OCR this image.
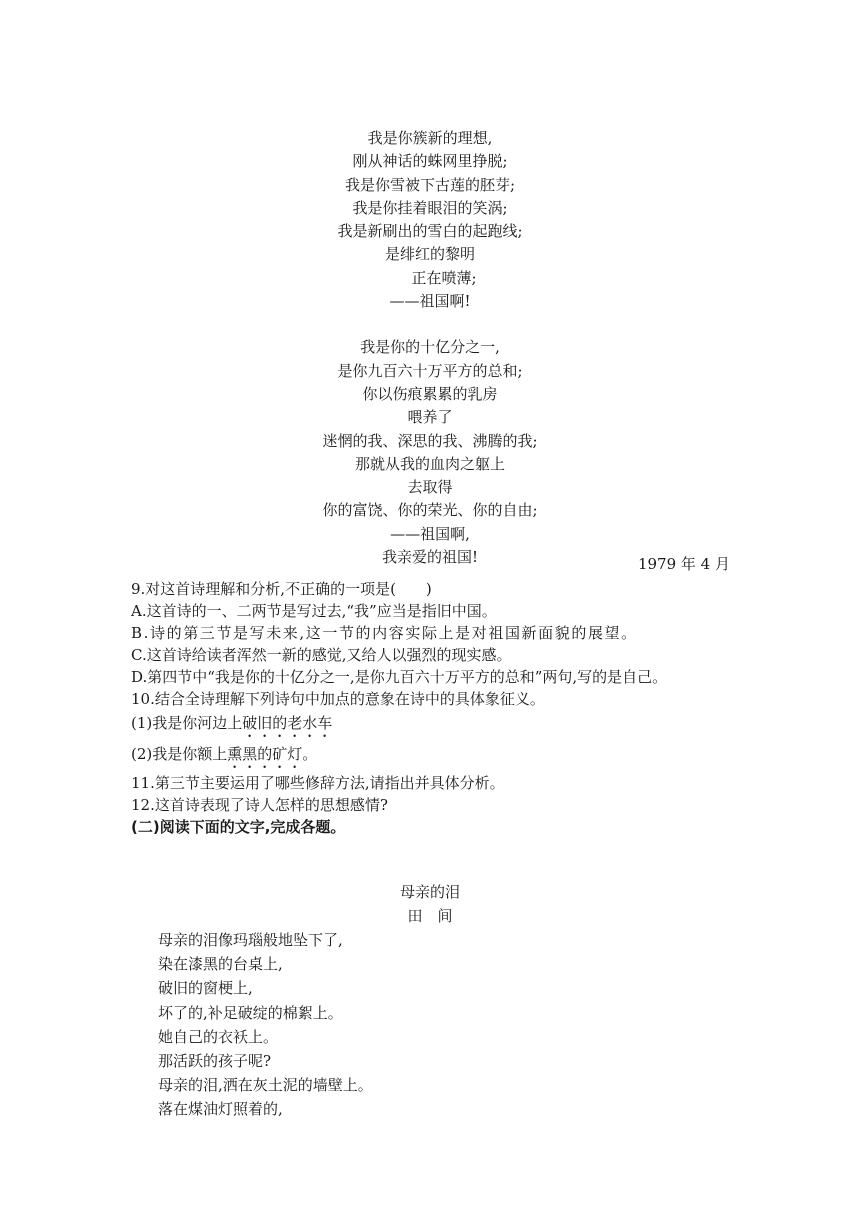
我是你簇新的理想,
刚从神话的蛛网里挣脱;
我是你雪被下古莲的胚芽;
我是你挂着眼泪的笑涡;
我是新刷出的雪白的起跑线;
是绯红的黎明
正在喷薄;
——祖国啊!
我是你的十亿分之一,
是你九百六十万平方的总和;
你以伤痕累累的乳房
喂养了
迷惘的我、深思的我、沸腾的我;
那就从我的血肉之躯上
去取得
你的富饶、你的荣光、你的自由;
——祖国啊,
我亲爱的祖国!	1979 年 4 月

9.对这首诗理解和分析,不正确的一项是(　　)

A.这首诗的一、二两节是写过去,“我”应当是指旧中国。

B.诗的第三节是写未来,这一节的内容实际上是对祖国新面貌的展望。

C.这首诗给读者浑然一新的感觉,又给人以强烈的现实感。

D.第四节中“我是你的十亿分之一,是你九百六十万平方的总和”两句,写的是自己。

10.结合全诗理解下列诗句中加点的意象在诗中的具体象征义。

(1)我是你河边上破旧的老水车

(2)我是你额上熏黑的矿灯。

11.第三节主要运用了哪些修辞方法,请指出并具体分析。

12.这首诗表现了诗人怎样的思想感情?

(二)阅读下面的文字,完成各题。
母亲的泪
田　间
母亲的泪像玛瑙般地坠下了,
染在漆黑的台桌上,
破旧的窗梗上,
坏了的,补足破绽的棉絮上。
她自己的衣袄上。
那活跃的孩子呢?
母亲的泪,洒在灰土泥的墙壁上。
落在煤油灯照着的,
